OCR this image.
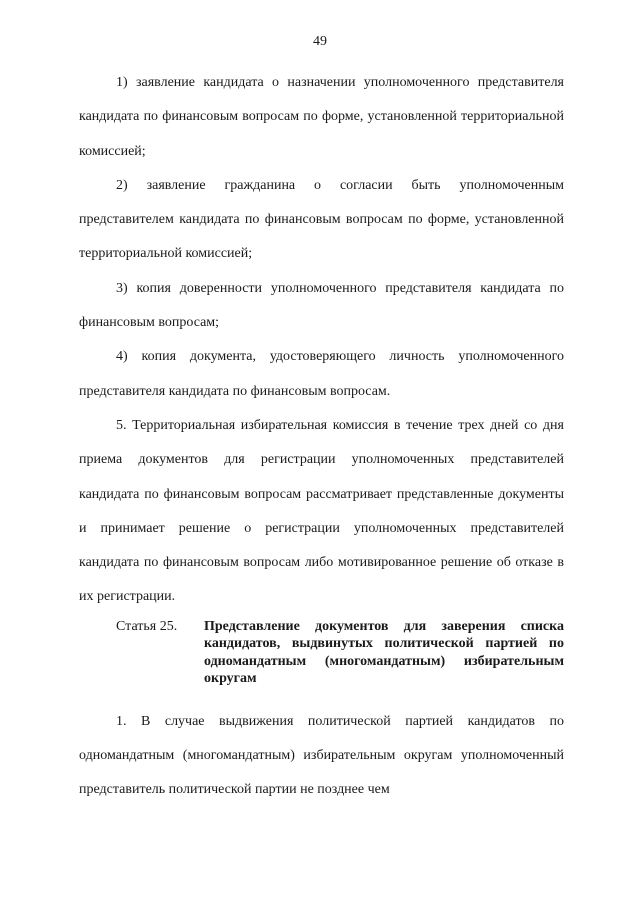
49

1) заявление кандидата о назначении уполномоченного представителя кандидата по финансовым вопросам по форме, установленной территориальной комиссией;

2) заявление гражданина о согласии быть уполномоченным представителем кандидата по финансовым вопросам по форме, установленной территориальной комиссией;

3) копия доверенности уполномоченного представителя кандидата по финансовым вопросам;

4) копия документа, удостоверяющего личность уполномоченного представителя кандидата по финансовым вопросам.

5. Территориальная избирательная комиссия в течение трех дней со дня приема документов для регистрации уполномоченных представителей кандидата по финансовым вопросам рассматривает представленные документы и принимает решение о регистрации уполномоченных представителей кандидата по финансовым вопросам либо мотивированное решение об отказе в их регистрации.

Статья 25.	Представление документов для заверения списка кандидатов, выдвинутых политической партией по одномандатным (многомандатным) избирательным округам

1. В случае выдвижения политической партией кандидатов по одномандатным (многомандатным) избирательным округам уполномоченный представитель политической партии не позднее чем
